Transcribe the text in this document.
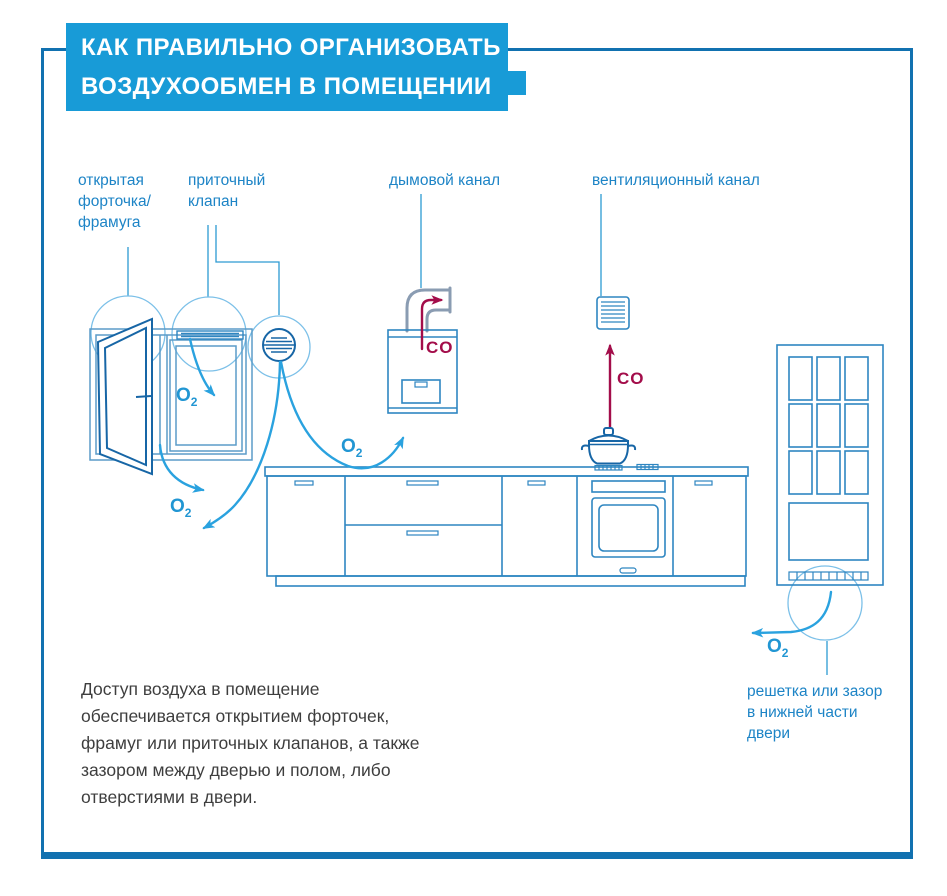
КАК ПРАВИЛЬНО ОРГАНИЗОВАТЬ
ВОЗДУХООБМЕН В ПОМЕЩЕНИИ
открытая
форточка/
фрамуга
приточный
клапан
дымовой канал	вентиляционный канал
решетка или зазор
в нижней части
двери
Доступ воздуха в помещение
обеспечивается открытием форточек,
фрамуг или приточных клапанов, а также
зазором между дверью и полом, либо
отверстиями в двери.
CO
CO
$O_2$
$O_2$
$O_2$
$O_2$
